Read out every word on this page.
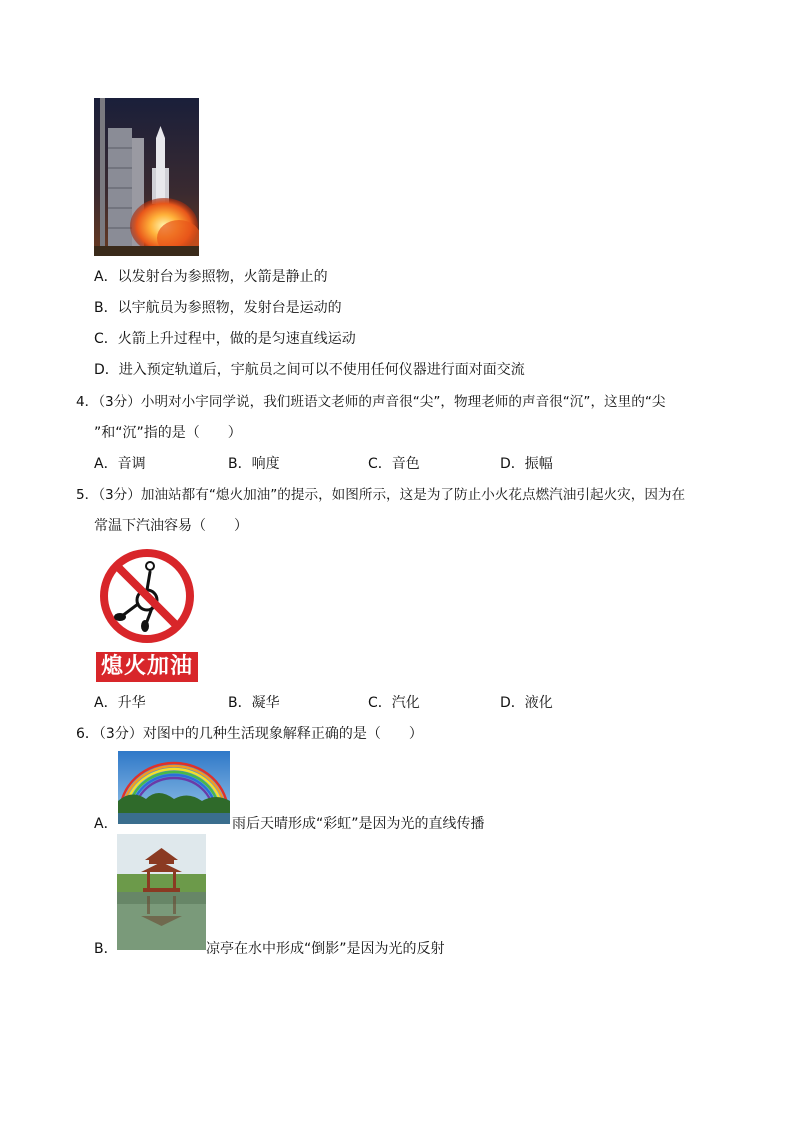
A．以发射台为参照物，火箭是静止的
B．以宇航员为参照物，发射台是运动的
C．火箭上升过程中，做的是匀速直线运动
D．进入预定轨道后，宇航员之间可以不使用任何仪器进行面对面交流
4．（3分）小明对小宇同学说，我们班语文老师的声音很“尖”，物理老师的声音很“沉”，这里的“尖
”和“沉”指的是（　　）
A．音调	B．响度	C．音色	D．振幅
5．（3分）加油站都有“熄火加油”的提示，如图所示，这是为了防止小火花点燃汽油引起火灾，因为在
常温下汽油容易（　　）
熄火加油
A．升华	B．凝华	C．汽化	D．液化
6．（3分）对图中的几种生活现象解释正确的是（　　）
A．	雨后天晴形成“彩虹”是因为光的直线传播
B．	凉亭在水中形成“倒影”是因为光的反射
